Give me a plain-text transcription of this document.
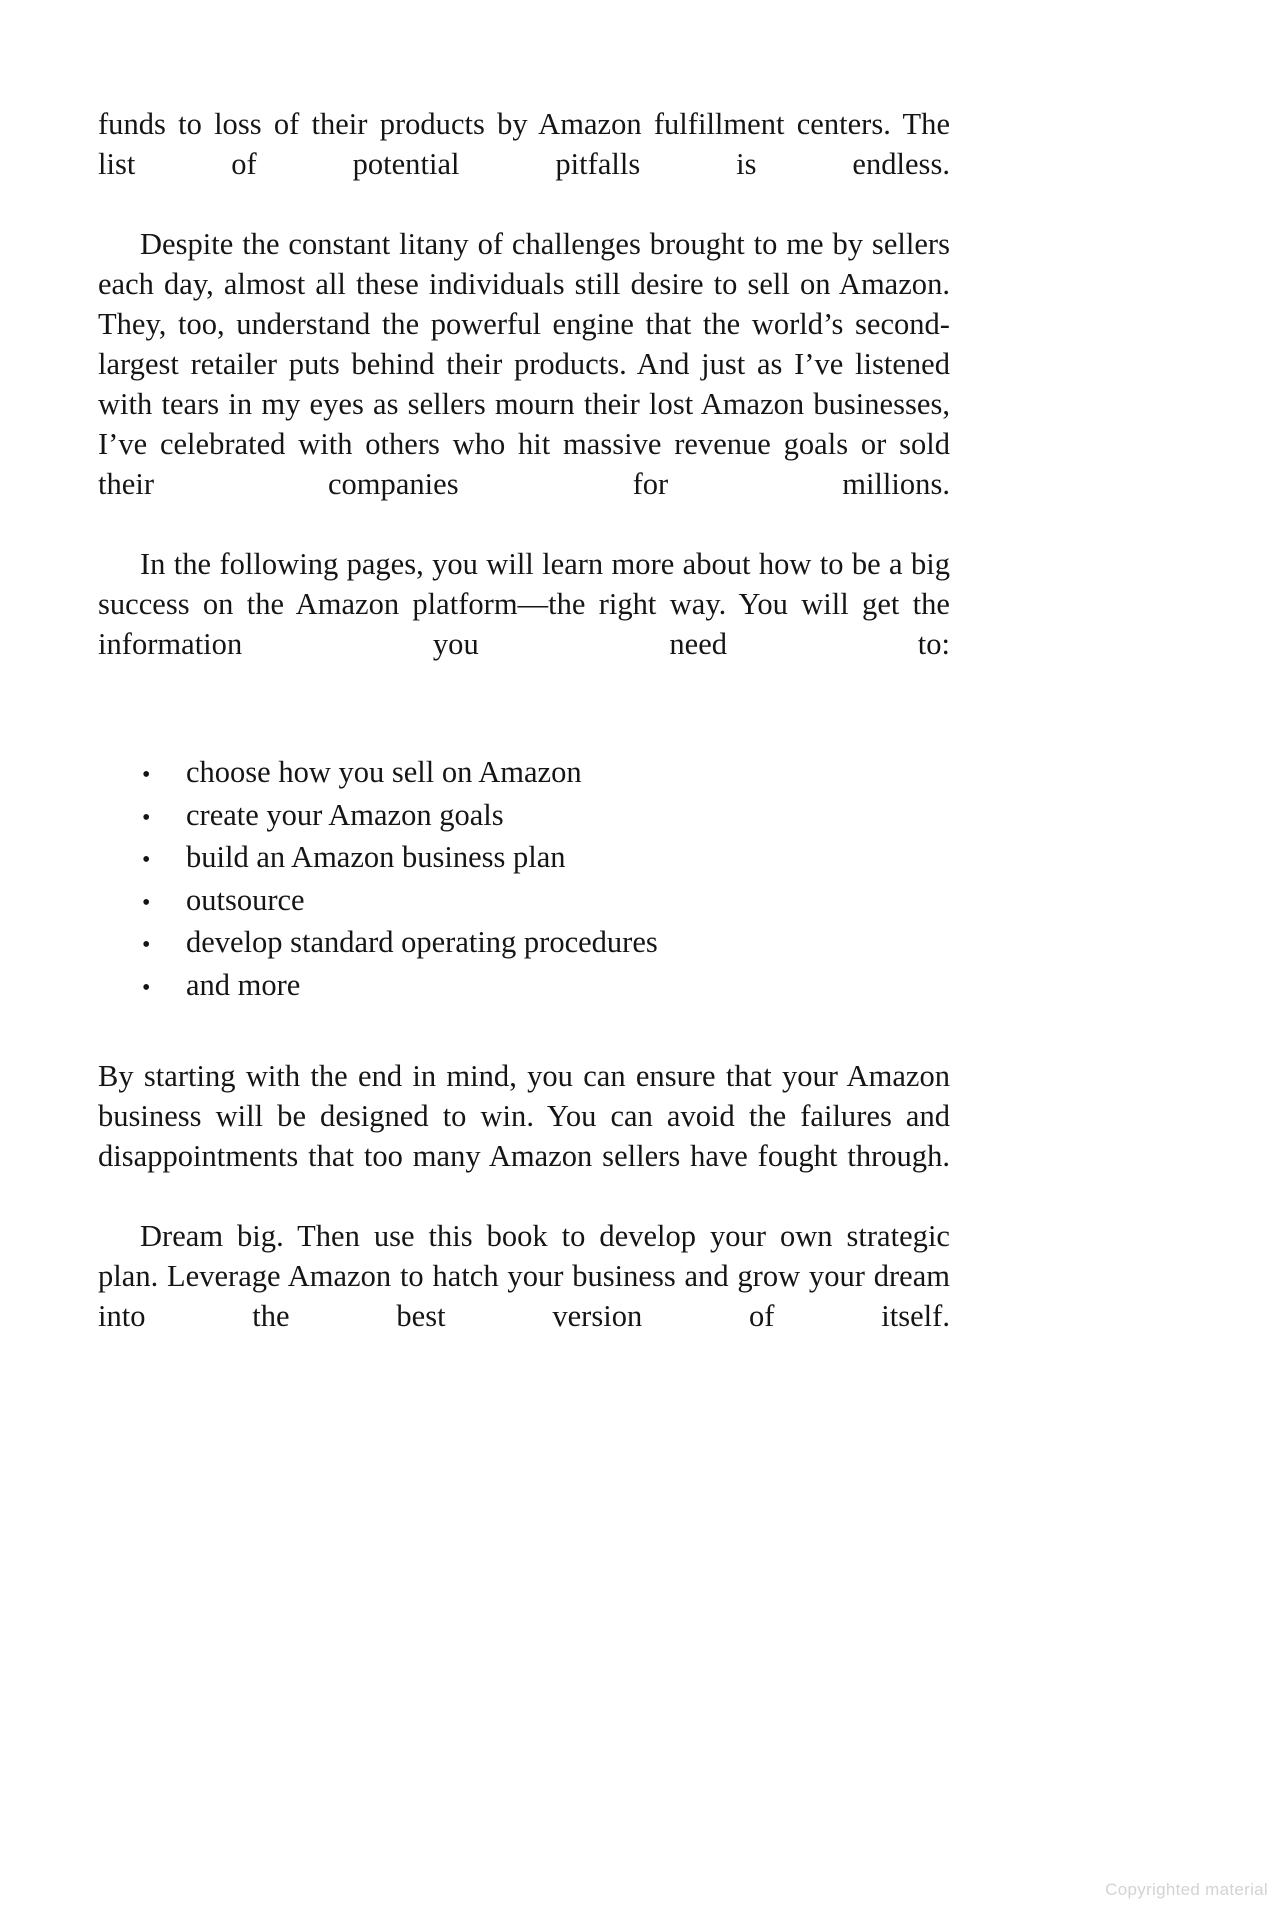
funds to loss of their products by Amazon fulfillment centers. The list of potential pitfalls is endless.

Despite the constant litany of challenges brought to me by sellers each day, almost all these individuals still desire to sell on Amazon. They, too, understand the powerful engine that the world’s second-largest retailer puts behind their products. And just as I’ve listened with tears in my eyes as sellers mourn their lost Amazon businesses, I’ve celebrated with others who hit massive revenue goals or sold their companies for millions.

In the following pages, you will learn more about how to be a big success on the Amazon platform—the right way. You will get the information you need to:

•	choose how you sell on Amazon
•	create your Amazon goals
•	build an Amazon business plan
•	outsource
•	develop standard operating procedures
•	and more

By starting with the end in mind, you can ensure that your Amazon business will be designed to win. You can avoid the failures and disappointments that too many Amazon sellers have fought through.

Dream big. Then use this book to develop your own strategic plan. Leverage Amazon to hatch your business and grow your dream into the best version of itself.

Copyrighted material
